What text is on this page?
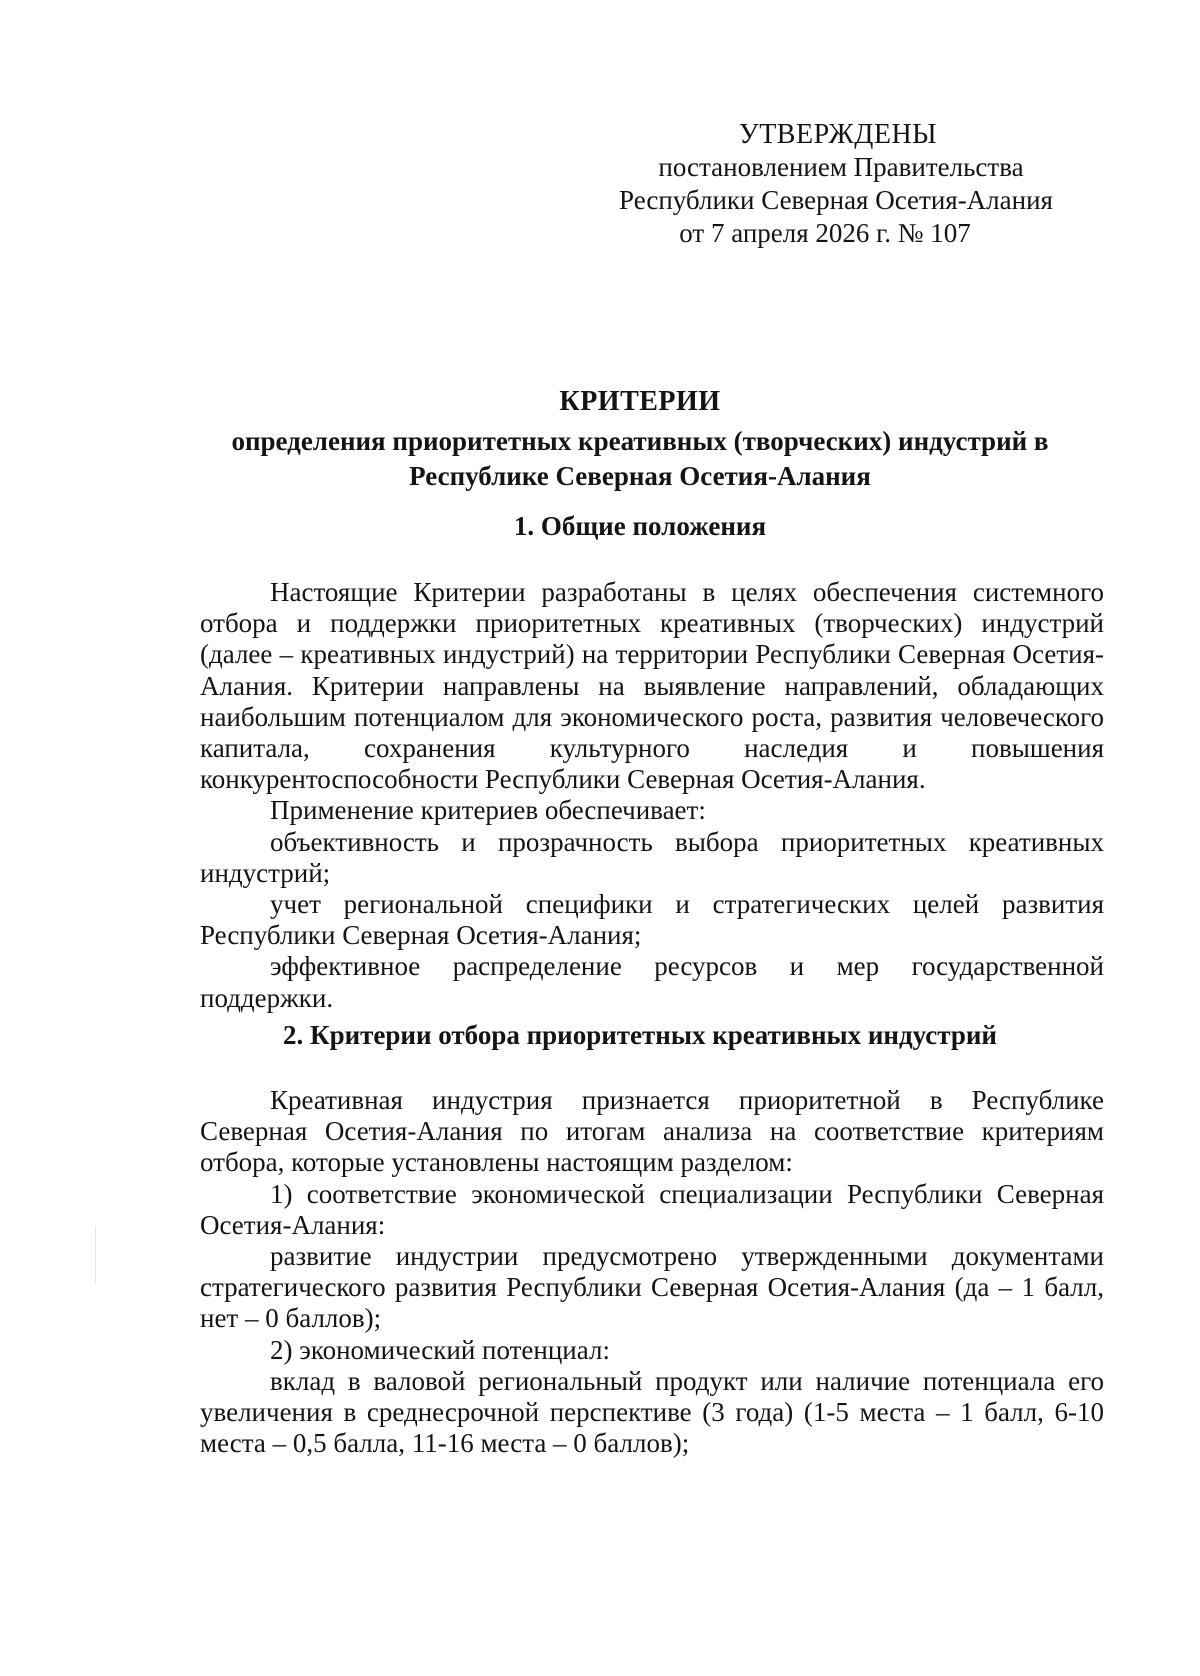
УТВЕРЖДЕНЫ
постановлением Правительства
Республики Северная Осетия-Алания
от 7 апреля 2026 г. № 107
КРИТЕРИИ
определения приоритетных креативных (творческих) индустрий в
Республике Северная Осетия-Алания
1. Общие положения

Настоящие Критерии разработаны в целях обеспечения системного отбора и поддержки приоритетных креативных (творческих) индустрий (далее – креативных индустрий) на территории Республики Северная Осетия-Алания. Критерии направлены на выявление направлений, обладающих наибольшим потенциалом для экономического роста, развития человеческого капитала, сохранения культурного наследия и повышения конкурентоспособности Республики Северная Осетия-Алания.

Применение критериев обеспечивает:

объективность и прозрачность выбора приоритетных креативных индустрий;

учет региональной специфики и стратегических целей развития Республики Северная Осетия-Алания;

эффективное распределение ресурсов и мер государственной поддержки.

2. Критерии отбора приоритетных креативных индустрий

Креативная индустрия признается приоритетной в Республике Северная Осетия-Алания по итогам анализа на соответствие критериям отбора, которые установлены настоящим разделом:

1) соответствие экономической специализации Республики Северная Осетия-Алания:

развитие индустрии предусмотрено утвержденными документами стратегического развития Республики Северная Осетия-Алания (да – 1 балл, нет – 0 баллов);

2) экономический потенциал:

вклад в валовой региональный продукт или наличие потенциала его увеличения в среднесрочной перспективе (3 года) (1-5 места – 1 балл, 6-10 места – 0,5 балла, 11-16 места – 0 баллов);
